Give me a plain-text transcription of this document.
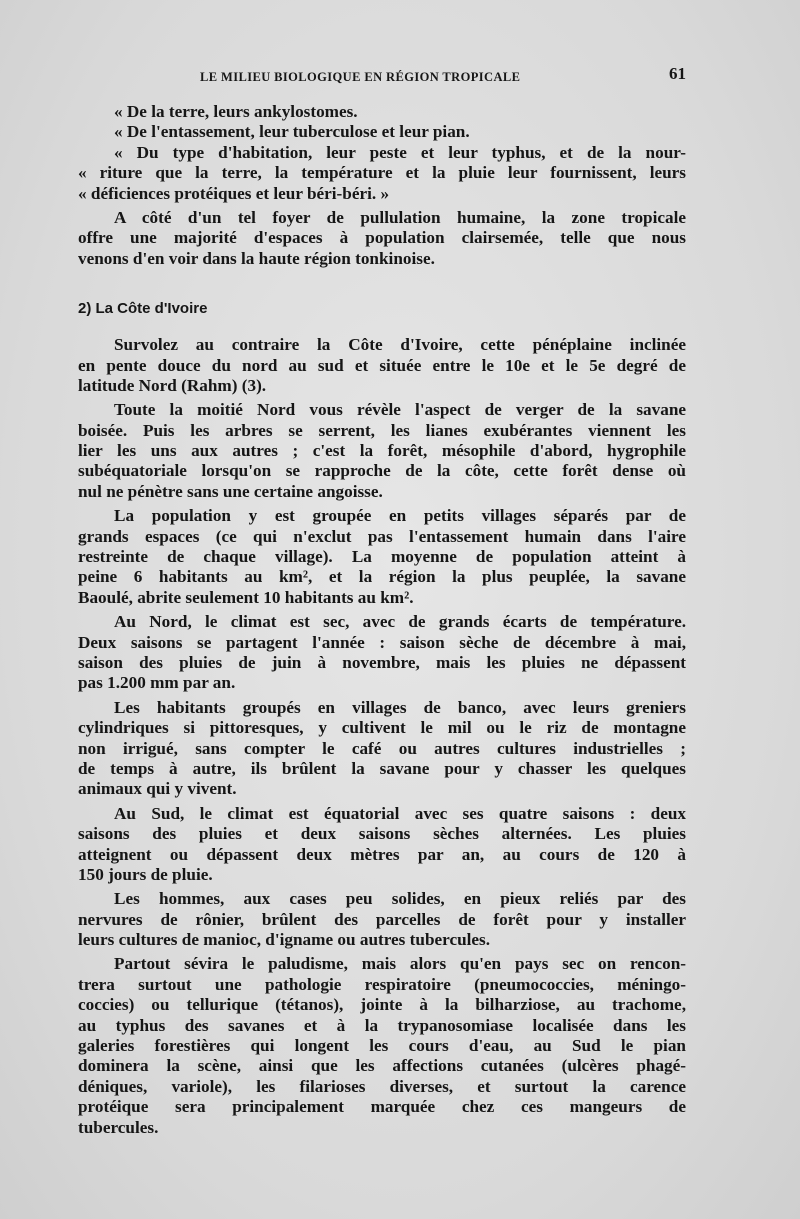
LE MILIEU BIOLOGIQUE EN RÉGION TROPICALE	61
« De la terre, leurs ankylostomes.
« De l'entassement, leur tuberculose et leur pian.
« Du type d'habitation, leur peste et leur typhus, et de la nour-
« riture que la terre, la température et la pluie leur fournissent, leurs
« déficiences protéiques et leur béri-béri. »
A côté d'un tel foyer de pullulation humaine, la zone tropicale
offre une majorité d'espaces à population clairsemée, telle que nous
venons d'en voir dans la haute région tonkinoise.
2) La Côte d'Ivoire
Survolez au contraire la Côte d'Ivoire, cette pénéplaine inclinée
en pente douce du nord au sud et située entre le 10e et le 5e degré de
latitude Nord (Rahm) (3).
Toute la moitié Nord vous révèle l'aspect de verger de la savane
boisée. Puis les arbres se serrent, les lianes exubérantes viennent les
lier les uns aux autres ; c'est la forêt, mésophile d'abord, hygrophile
subéquatoriale lorsqu'on se rapproche de la côte, cette forêt dense où
nul ne pénètre sans une certaine angoisse.
La population y est groupée en petits villages séparés par de
grands espaces (ce qui n'exclut pas l'entassement humain dans l'aire
restreinte de chaque village). La moyenne de population atteint à
peine 6 habitants au km², et la région la plus peuplée, la savane
Baoulé, abrite seulement 10 habitants au km².
Au Nord, le climat est sec, avec de grands écarts de température.
Deux saisons se partagent l'année : saison sèche de décembre à mai,
saison des pluies de juin à novembre, mais les pluies ne dépassent
pas 1.200 mm par an.
Les habitants groupés en villages de banco, avec leurs greniers
cylindriques si pittoresques, y cultivent le mil ou le riz de montagne
non irrigué, sans compter le café ou autres cultures industrielles ;
de temps à autre, ils brûlent la savane pour y chasser les quelques
animaux qui y vivent.
Au Sud, le climat est équatorial avec ses quatre saisons : deux
saisons des pluies et deux saisons sèches alternées. Les pluies
atteignent ou dépassent deux mètres par an, au cours de 120 à
150 jours de pluie.
Les hommes, aux cases peu solides, en pieux reliés par des
nervures de rônier, brûlent des parcelles de forêt pour y installer
leurs cultures de manioc, d'igname ou autres tubercules.
Partout sévira le paludisme, mais alors qu'en pays sec on rencon-
trera surtout une pathologie respiratoire (pneumococcies, méningo-
coccies) ou tellurique (tétanos), jointe à la bilharziose, au trachome,
au typhus des savanes et à la trypanosomiase localisée dans les
galeries forestières qui longent les cours d'eau, au Sud le pian
dominera la scène, ainsi que les affections cutanées (ulcères phagé-
déniques, variole), les filarioses diverses, et surtout la carence
protéique sera principalement marquée chez ces mangeurs de
tubercules.
